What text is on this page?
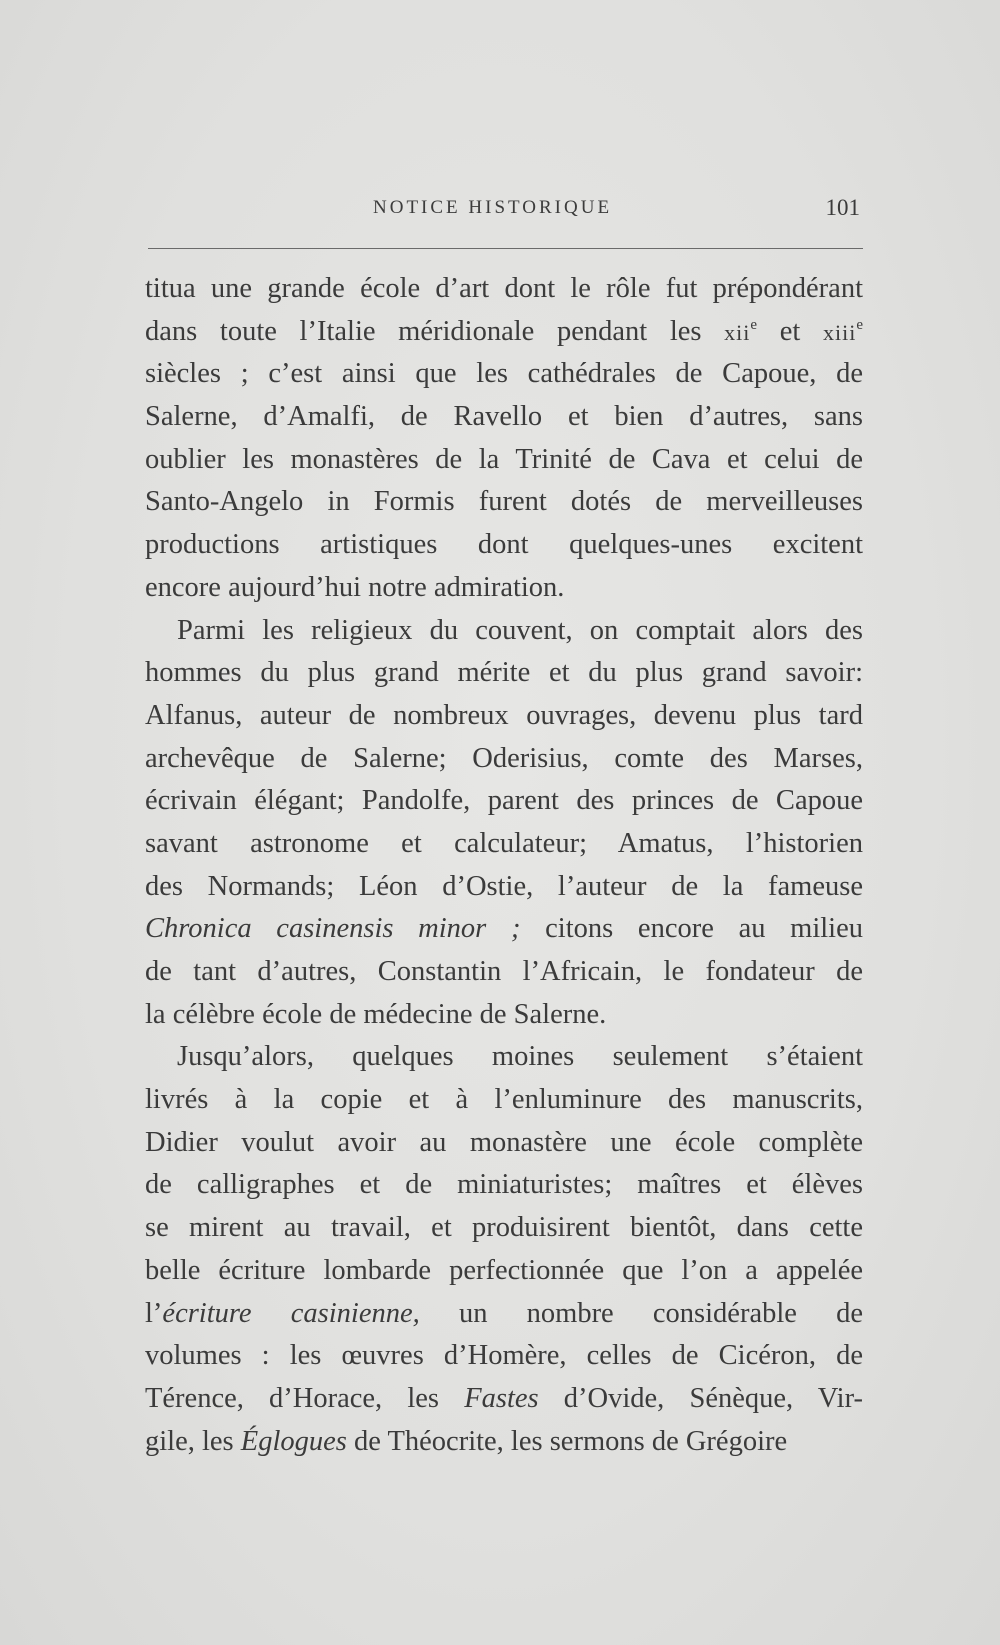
NOTICE HISTORIQUE	101
titua une grande école d’art dont le rôle fut prépondérant
dans toute l’Italie méridionale pendant les xii$^e$ et xiii$^e$
siècles ; c’est ainsi que les cathédrales de Capoue, de
Salerne, d’Amalfi, de Ravello et bien d’autres, sans
oublier les monastères de la Trinité de Cava et celui de
Santo-Angelo in Formis furent dotés de merveilleuses
productions artistiques dont quelques-unes excitent
encore aujourd’hui notre admiration.
Parmi les religieux du couvent, on comptait alors des
hommes du plus grand mérite et du plus grand savoir:
Alfanus, auteur de nombreux ouvrages, devenu plus tard
archevêque de Salerne; Oderisius, comte des Marses,
écrivain élégant; Pandolfe, parent des princes de Capoue
savant astronome et calculateur; Amatus, l’historien
des Normands; Léon d’Ostie, l’auteur de la fameuse
Chronica casinensis minor ; citons encore au milieu
de tant d’autres, Constantin l’Africain, le fondateur de
la célèbre école de médecine de Salerne.
Jusqu’alors, quelques moines seulement s’étaient
livrés à la copie et à l’enluminure des manuscrits,
Didier voulut avoir au monastère une école complète
de calligraphes et de miniaturistes; maîtres et élèves
se mirent au travail, et produisirent bientôt, dans cette
belle écriture lombarde perfectionnée que l’on a appelée
l’écriture casinienne, un nombre considérable de
volumes : les œuvres d’Homère, celles de Cicéron, de
Térence, d’Horace, les Fastes d’Ovide, Sénèque, Vir-
gile, les Églogues de Théocrite, les sermons de Grégoire
